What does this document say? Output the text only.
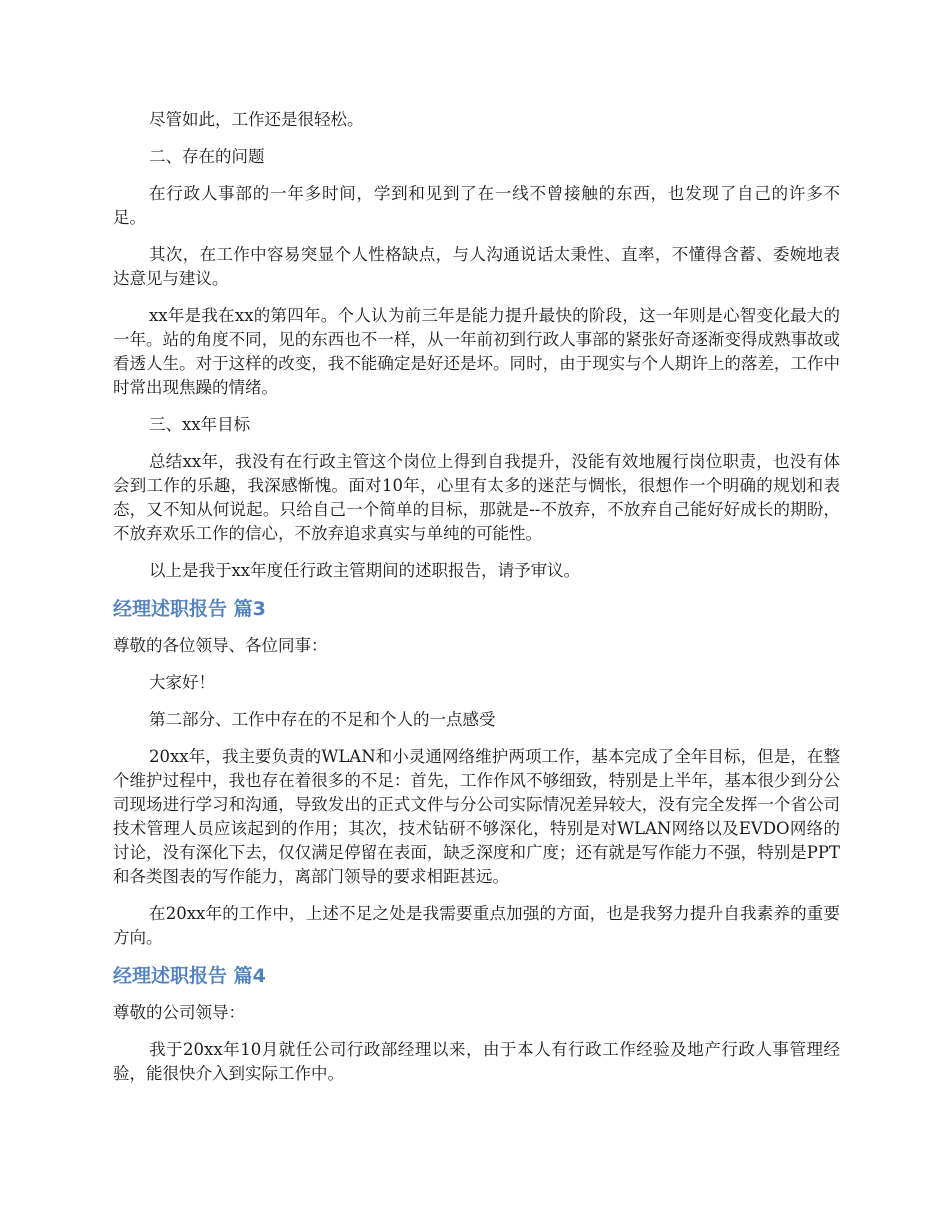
尽管如此，工作还是很轻松。

二、存在的问题

在行政人事部的一年多时间，学到和见到了在一线不曾接触的东西，也发现了自己的许多不足。

其次，在工作中容易突显个人性格缺点，与人沟通说话太秉性、直率，不懂得含蓄、委婉地表达意见与建议。

xx年是我在xx的第四年。个人认为前三年是能力提升最快的阶段，这一年则是心智变化最大的一年。站的角度不同，见的东西也不一样，从一年前初到行政人事部的紧张好奇逐渐变得成熟事故或看透人生。对于这样的改变，我不能确定是好还是坏。同时，由于现实与个人期许上的落差，工作中时常出现焦躁的情绪。

三、xx年目标

总结xx年，我没有在行政主管这个岗位上得到自我提升，没能有效地履行岗位职责，也没有体会到工作的乐趣，我深感惭愧。面对10年，心里有太多的迷茫与惆怅，很想作一个明确的规划和表态，又不知从何说起。只给自己一个简单的目标，那就是--不放弃，不放弃自己能好好成长的期盼，不放弃欢乐工作的信心，不放弃追求真实与单纯的可能性。

以上是我于xx年度任行政主管期间的述职报告，请予审议。

经理述职报告 篇3

尊敬的各位领导、各位同事：

大家好！

第二部分、工作中存在的不足和个人的一点感受

20xx年，我主要负责的WLAN和小灵通网络维护两项工作，基本完成了全年目标，但是，在整个维护过程中，我也存在着很多的不足：首先，工作作风不够细致，特别是上半年，基本很少到分公司现场进行学习和沟通，导致发出的正式文件与分公司实际情况差异较大，没有完全发挥一个省公司技术管理人员应该起到的作用；其次，技术钻研不够深化，特别是对WLAN网络以及EVDO网络的讨论，没有深化下去，仅仅满足停留在表面，缺乏深度和广度；还有就是写作能力不强，特别是PPT和各类图表的写作能力，离部门领导的要求相距甚远。

在20xx年的工作中，上述不足之处是我需要重点加强的方面，也是我努力提升自我素养的重要方向。

经理述职报告 篇4

尊敬的公司领导：

我于20xx年10月就任公司行政部经理以来，由于本人有行政工作经验及地产行政人事管理经验，能很快介入到实际工作中。
